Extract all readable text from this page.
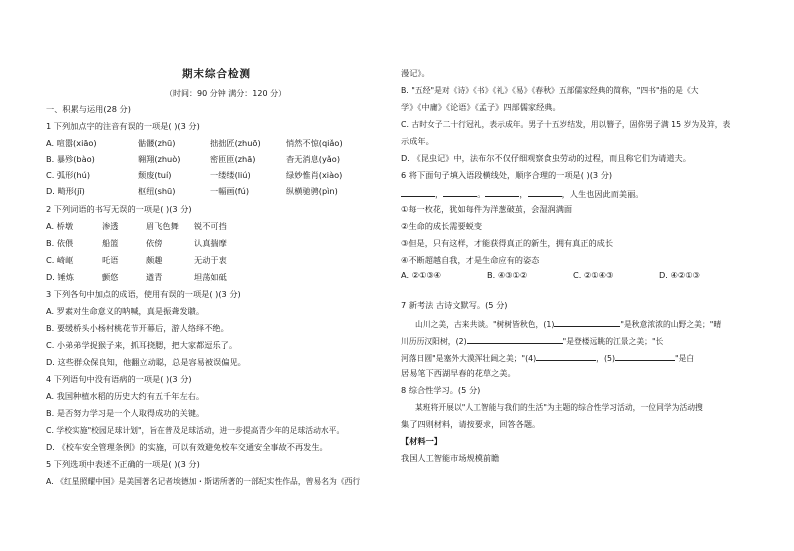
期末综合检测
（时间：90 分钟 满分：120 分）
一、积累与运用(28 分)
1 下列加点字的注音有误的一项是( )(3 分)
A. 喧嚣(xiāo)	骷髅(zhū)	拙拙匠(zhuō)	悄然不惊(qiǎo)
B. 暴殄(bào)	翱翔(zhuò)	密匝匝(zhā)	杳无消息(yǎo)
C. 弧形(hú)	颓废(tuí)	一缕缕(liú)	绿妙惟肖(xiào)
D. 畸形(jī)	枢纽(shū)	一幅画(fú)	纵横驰骋(pìn)
2 下列词语的书写无误的一项是( )(3 分)
A. 桥墩	渗透	眉飞色舞 锐不可挡
B. 依偎	船篮	依傍	认真揣摩
C. 崎岖	吒语	颇趣	无动于衷
D. 锤炼	颤悠	遒青	坦荡如砥
3 下列各句中加点的成语，使用有误的一项是( )(3 分)
A. 罗素对生命意义的呐喊，真是振聋发聩。
B. 要缓桥头小杨村桃花节开幕后，游人络绎不绝。
C. 小弟弟学捉猴子来，抓耳挠腮，把大家都逗乐了。
D. 这些群众保良知，他翻立动聪，总是容易被误偏见。
4 下列语句中没有语病的一项是( )(3 分)
A. 我国种植水稻的历史大约有五千年左右。
B. 是否努力学习是一个人取得成功的关键。
C. 学校实施"校园足球计划"，旨在普及足球活动，进一步提高青少年的足球活动水平。
D. 《校车安全管理条例》的实施，可以有效避免校车交通安全事故不再发生。
5 下列选项中表述不正确的一项是( )(3 分)
A. 《红星照耀中国》是美国著名记者埃德加・斯诺所著的一部纪实性作品，曾易名为《西行
漫记》。
B. "五经"是对《诗》《书》《礼》《易》《春秋》五部儒家经典的简称，"四书"指的是《大
学》《中庸》《论语》《孟子》四部儒家经典。
C. 古时女子二十行冠礼，表示成年。男子十五岁结发，用以簪子，固你男子满 15 岁为及笄，表
示成年。
D. 《昆虫记》中，法布尔不仅仔细观察食虫劳动的过程，而且称它们为请道夫。
6 将下面句子填入语段横线处，顺序合理的一项是( )(3 分)
，	。	，	，人生也因此而美丽。
①每一枚花，犹如每件为洋葱破茧，会湿润满面
②生命的成长需要蜕变
③但是，只有这样，才能获得真正的新生，拥有真正的成长
④不断超越自我，才是生命应有的姿态
A. ②①③④	B. ④③①②	C. ②①④③	D. ④②①③
7 新考法 古诗文默写。(5 分)
山川之美，古来共谈。"树树皆秋色，(1)	"是秋意浓浓的山野之美；"晴
川历历汉阳树，(2)	"是登楼远眺的江景之美；"长
河落日圆"是塞外大漠浑壮阔之美；"(4)	，(5)	"是白
居易笔下西湖早春的花草之美。
8 综合性学习。(5 分)
某班将开展以"人工智能与我们的生活"为主题的综合性学习活动，一位同学为活动搜
集了四则材料，请按要求，回答各题。
【材料一】
我国人工智能市场规模前瞻
